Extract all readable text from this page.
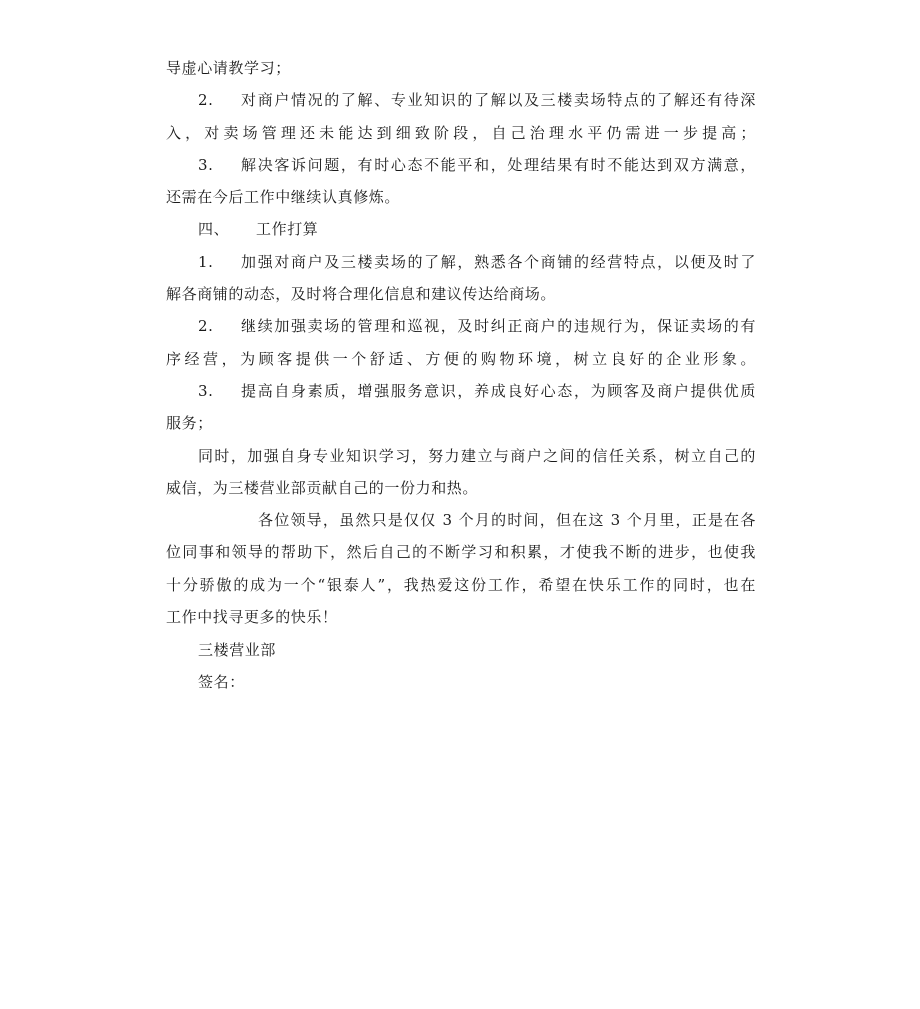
导虚心请教学习；
2. 对商户情况的了解、专业知识的了解以及三楼卖场特点的了解还有待深
入，对卖场管理还未能达到细致阶段，自己治理水平仍需进一步提高；
3. 解决客诉问题，有时心态不能平和，处理结果有时不能达到双方满意，
还需在今后工作中继续认真修炼。
四、 工作打算
1. 加强对商户及三楼卖场的了解，熟悉各个商铺的经营特点，以便及时了
解各商铺的动态，及时将合理化信息和建议传达给商场。
2. 继续加强卖场的管理和巡视，及时纠正商户的违规行为，保证卖场的有
序经营，为顾客提供一个舒适、方便的购物环境，树立良好的企业形象。
3. 提高自身素质，增强服务意识，养成良好心态，为顾客及商户提供优质
服务；
同时，加强自身专业知识学习，努力建立与商户之间的信任关系，树立自己的
威信，为三楼营业部贡献自己的一份力和热。
各位领导，虽然只是仅仅 3 个月的时间，但在这 3 个月里，正是在各
位同事和领导的帮助下，然后自己的不断学习和积累，才使我不断的进步，也使我
十分骄傲的成为一个“银泰人”，我热爱这份工作，希望在快乐工作的同时，也在
工作中找寻更多的快乐！
三楼营业部
签名：
